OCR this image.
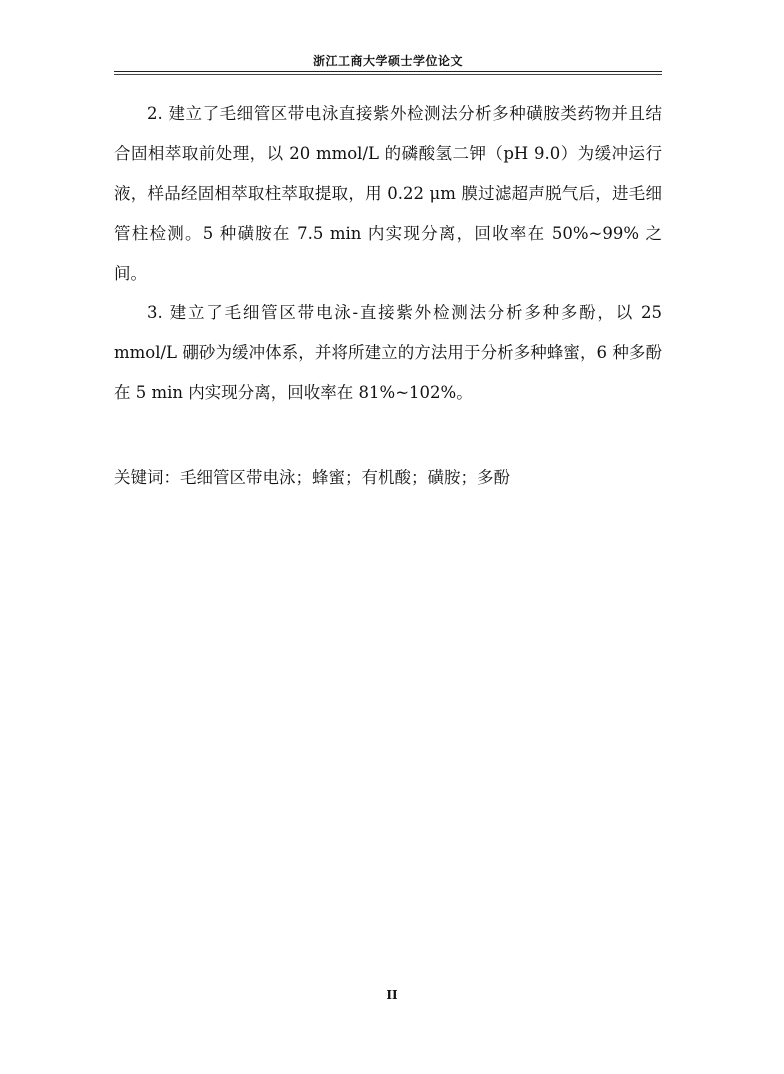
浙江工商大学硕士学位论文

2. 建立了毛细管区带电泳直接紫外检测法分析多种磺胺类药物并且结合固相萃取前处理，以 20 mmol/L 的磷酸氢二钾（pH 9.0）为缓冲运行液，样品经固相萃取柱萃取提取，用 0.22 μm 膜过滤超声脱气后，进毛细管柱检测。5 种磺胺在 7.5 min 内实现分离，回收率在 50%~99% 之间。

3. 建立了毛细管区带电泳-直接紫外检测法分析多种多酚，以 25 mmol/L 硼砂为缓冲体系，并将所建立的方法用于分析多种蜂蜜，6 种多酚在 5 min 内实现分离，回收率在 81%~102%。

关键词：毛细管区带电泳；蜂蜜；有机酸；磺胺；多酚

II
